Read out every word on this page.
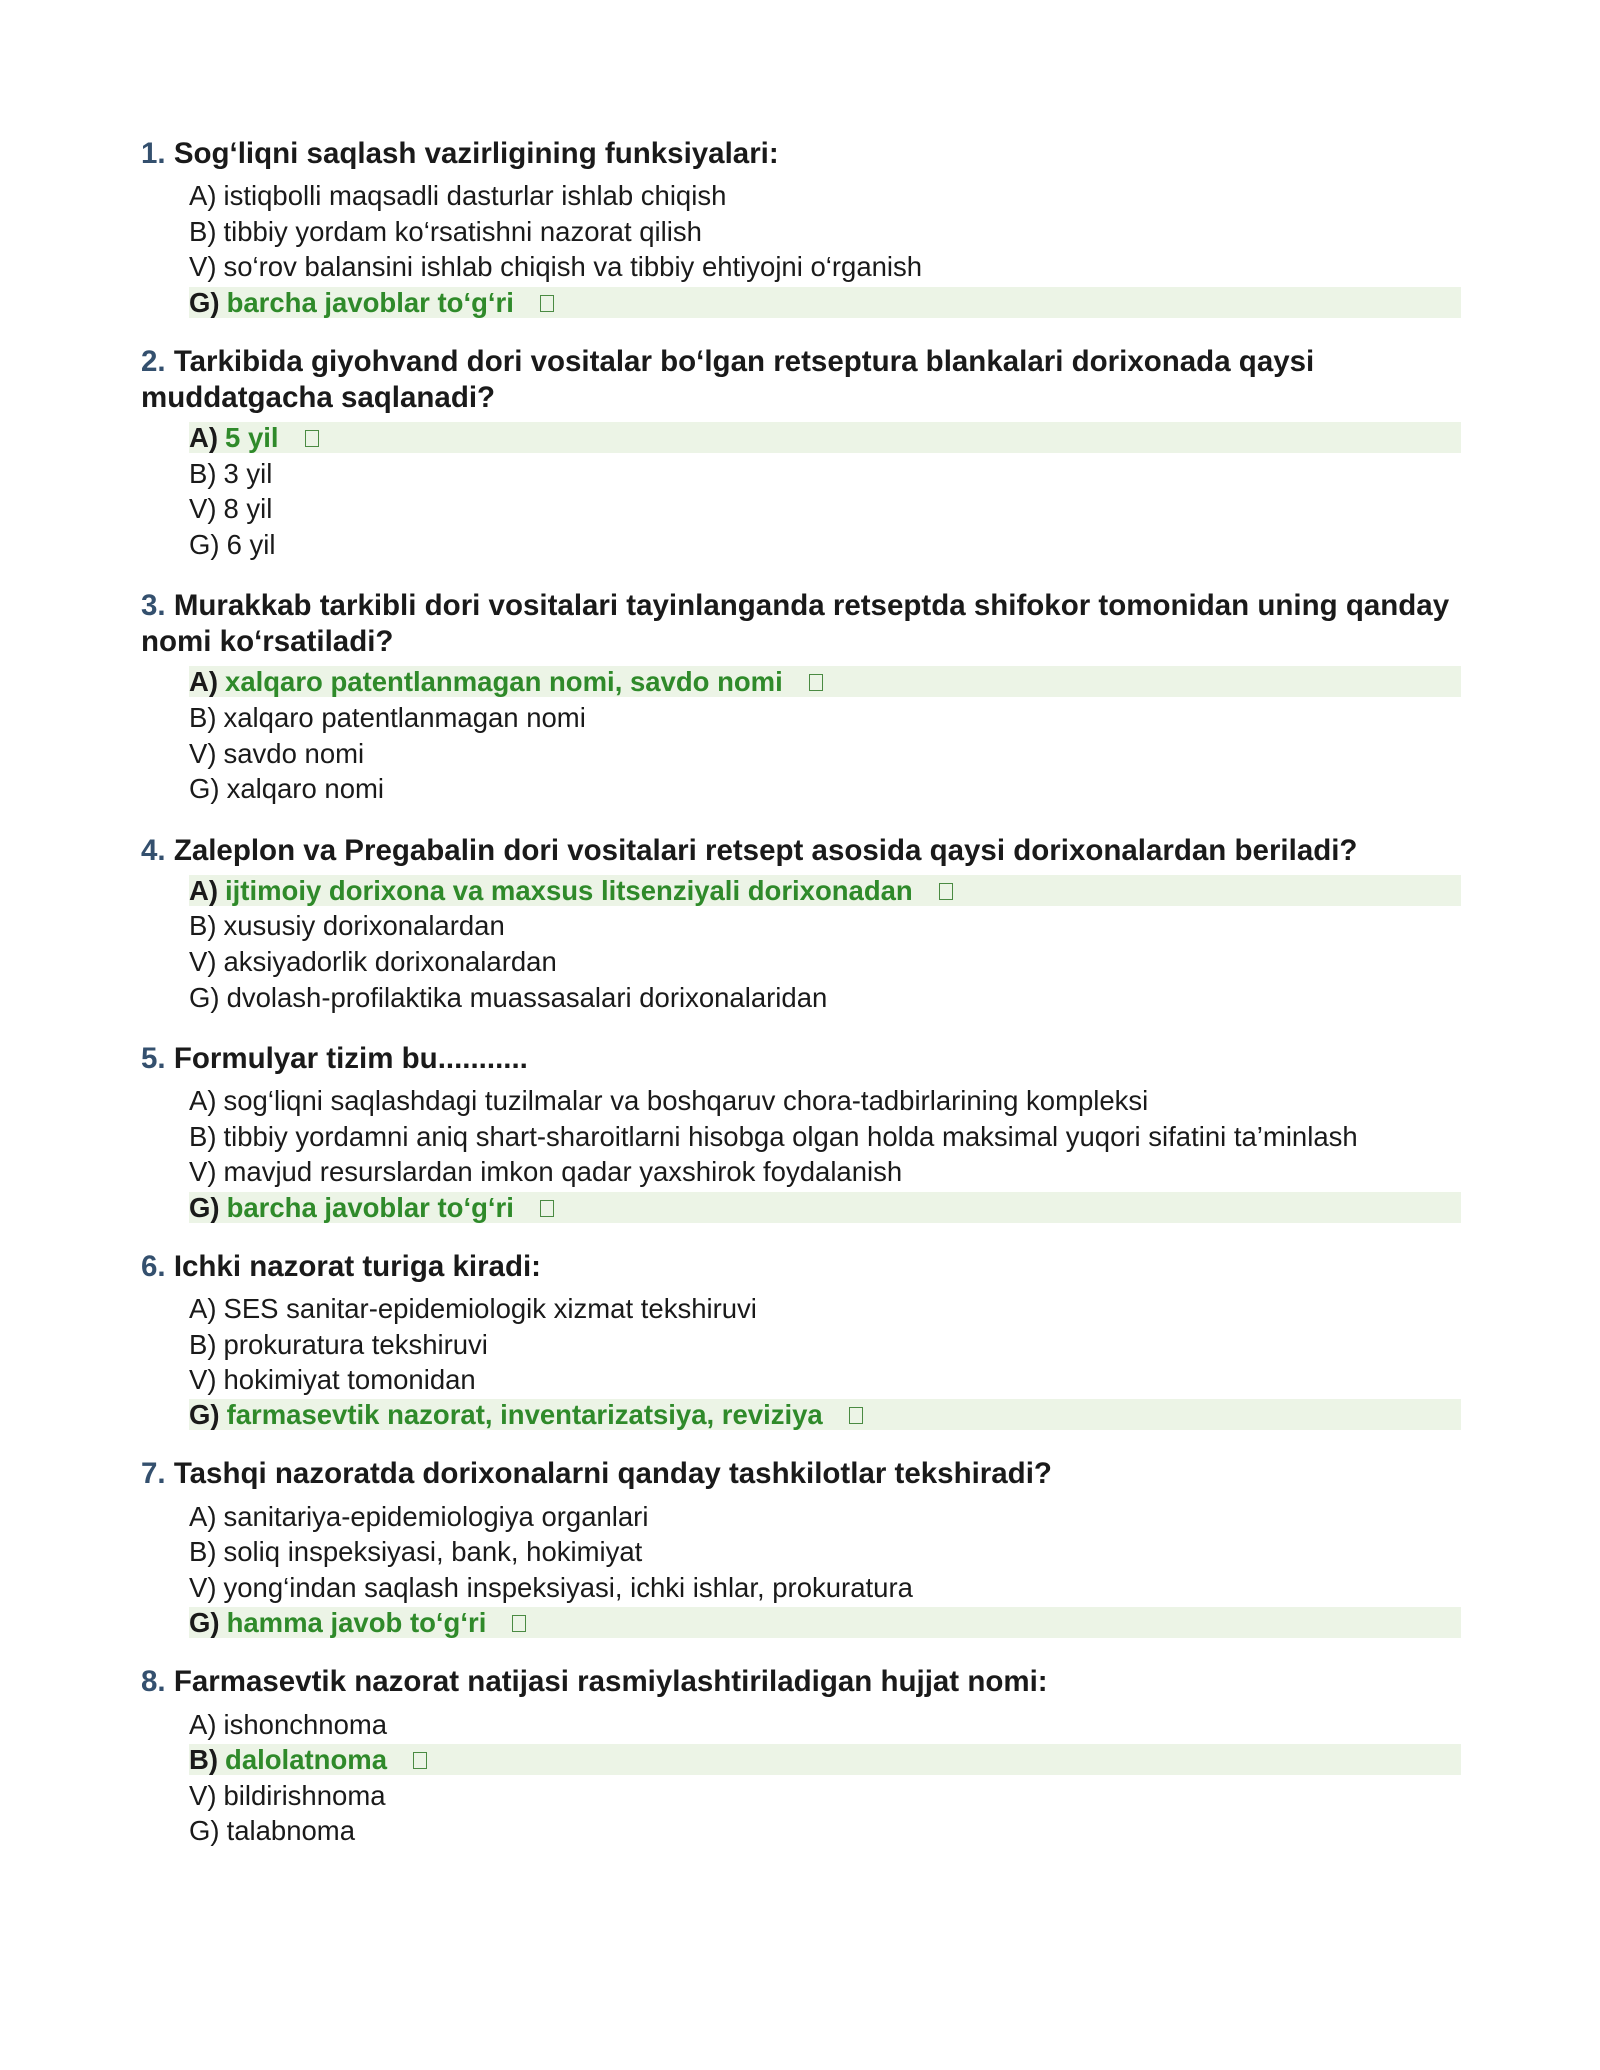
1. Sog‘liqni saqlash vazirligining funksiyalari:
A) istiqbolli maqsadli dasturlar ishlab chiqish
B) tibbiy yordam ko‘rsatishni nazorat qilish
V) so‘rov balansini ishlab chiqish va tibbiy ehtiyojni o‘rganish
G) barcha javoblar to‘g‘ri
2. Tarkibida giyohvand dori vositalar bo‘lgan retseptura blankalari dorixonada qaysi muddatgacha saqlanadi?
A) 5 yil
B) 3 yil
V) 8 yil
G) 6 yil
3. Murakkab tarkibli dori vositalari tayinlanganda retseptda shifokor tomonidan uning qanday nomi ko‘rsatiladi?
A) xalqaro patentlanmagan nomi, savdo nomi
B) xalqaro patentlanmagan nomi
V) savdo nomi
G) xalqaro nomi
4. Zaleplon va Pregabalin dori vositalari retsept asosida qaysi dorixonalardan beriladi?
A) ijtimoiy dorixona va maxsus litsenziyali dorixonadan
B) xususiy dorixonalardan
V) aksiyadorlik dorixonalardan
G) dvolash-profilaktika muassasalari dorixonalaridan
5. Formulyar tizim bu...........
A) sog‘liqni saqlashdagi tuzilmalar va boshqaruv chora-tadbirlarining kompleksi
B) tibbiy yordamni aniq shart-sharoitlarni hisobga olgan holda maksimal yuqori sifatini ta’minlash
V) mavjud resurslardan imkon qadar yaxshirok foydalanish
G) barcha javoblar to‘g‘ri
6. Ichki nazorat turiga kiradi:
A) SES sanitar-epidemiologik xizmat tekshiruvi
B) prokuratura tekshiruvi
V) hokimiyat tomonidan
G) farmasevtik nazorat, inventarizatsiya, reviziya
7. Tashqi nazoratda dorixonalarni qanday tashkilotlar tekshiradi?
A) sanitariya-epidemiologiya organlari
B) soliq inspeksiyasi, bank, hokimiyat
V) yong‘indan saqlash inspeksiyasi, ichki ishlar, prokuratura
G) hamma javob to‘g‘ri
8. Farmasevtik nazorat natijasi rasmiylashtiriladigan hujjat nomi:
A) ishonchnoma
B) dalolatnoma
V) bildirishnoma
G) talabnoma
